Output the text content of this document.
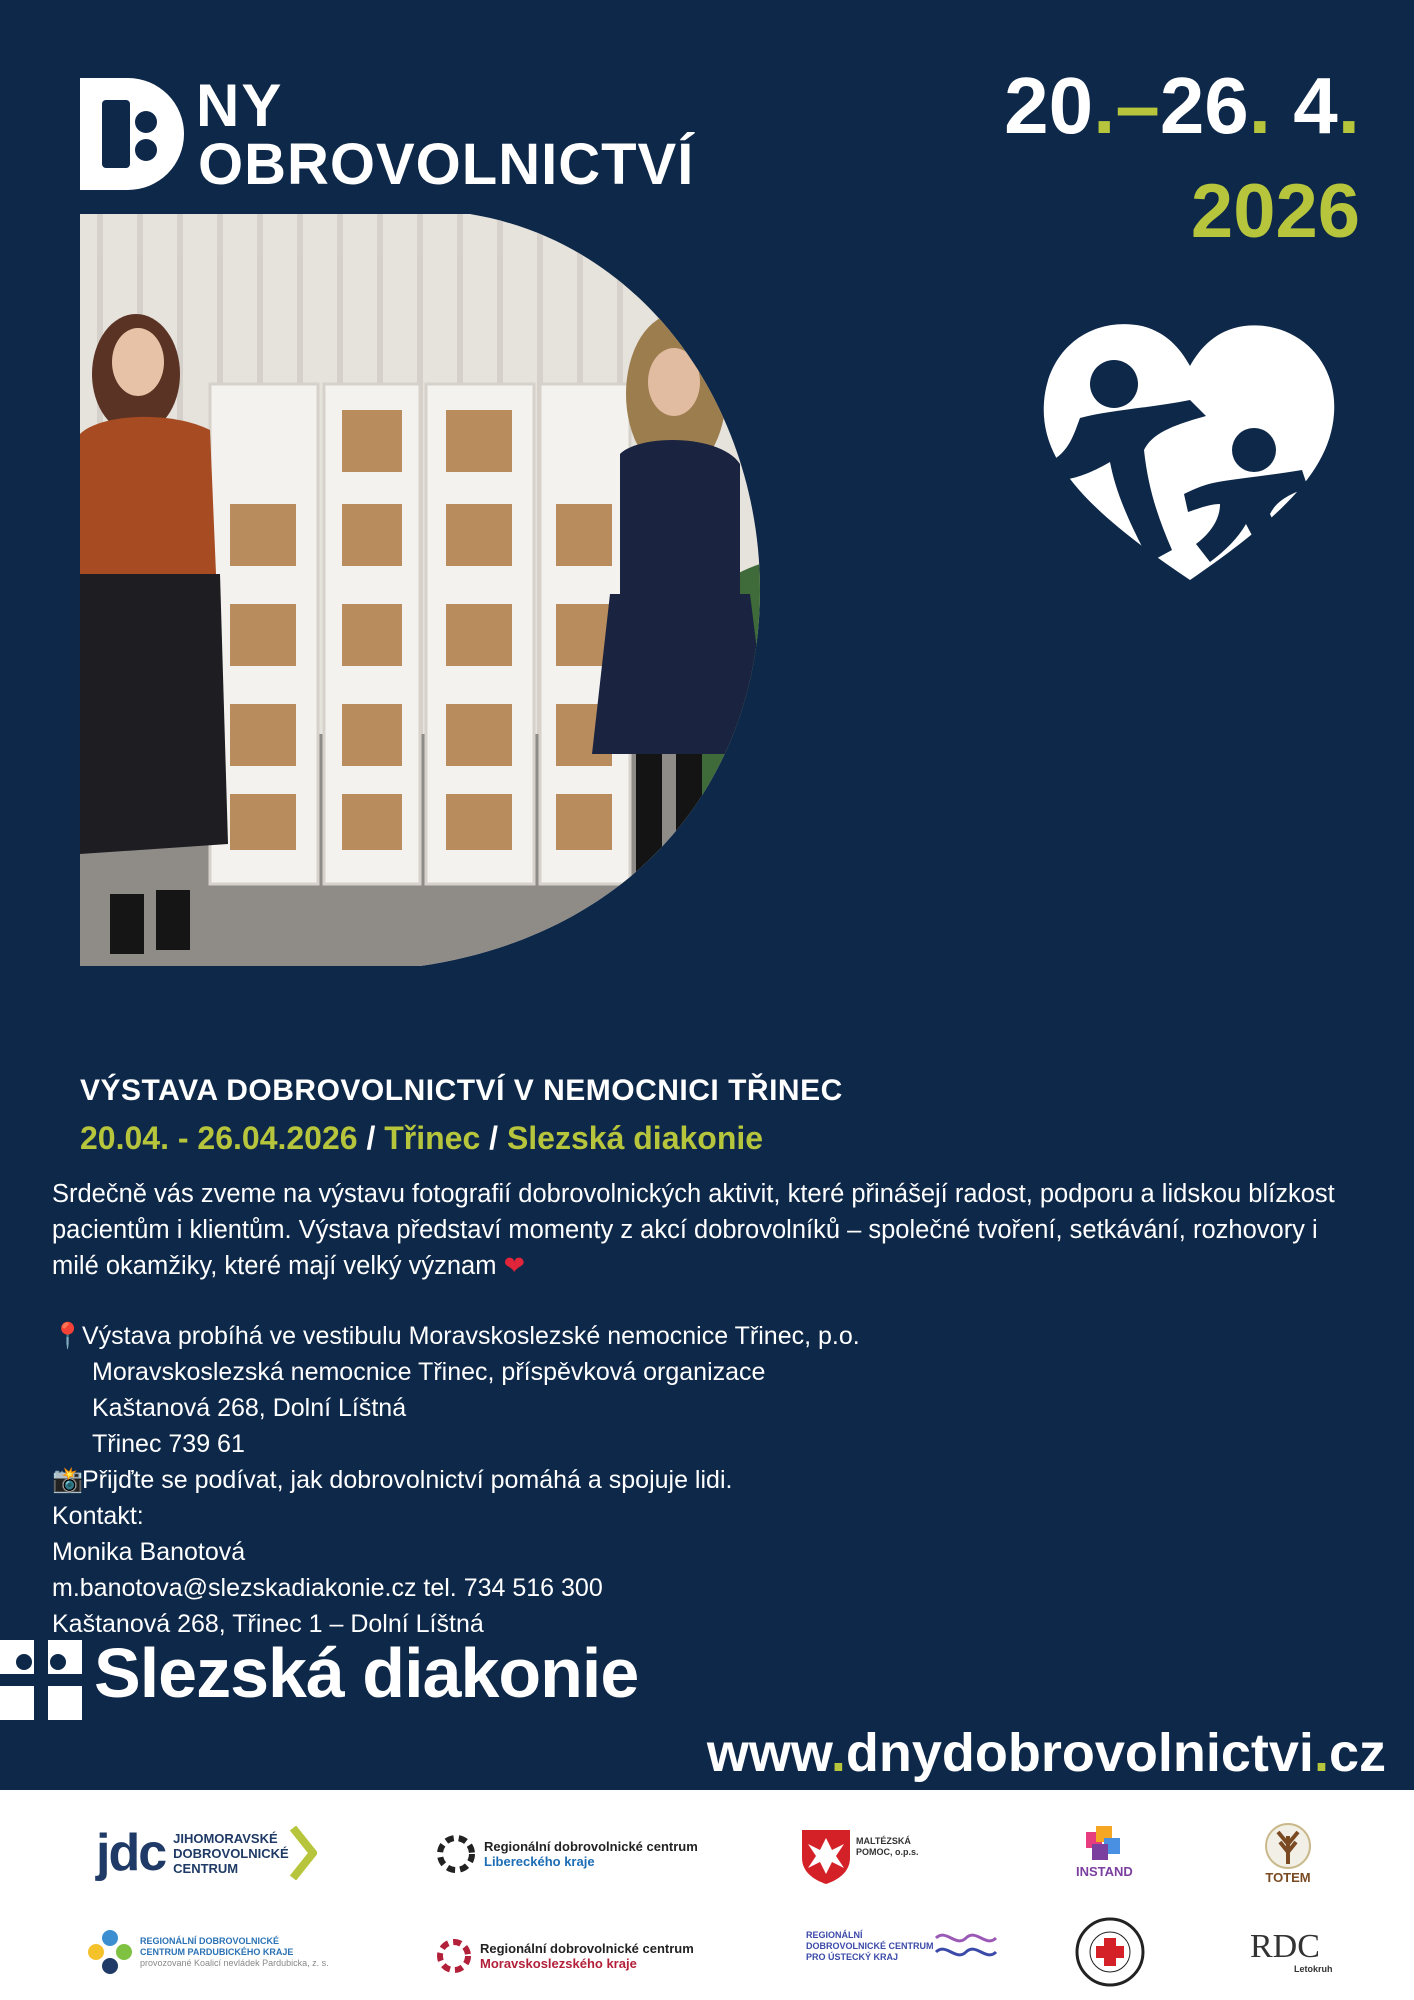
NY
OBROVOLNICTVÍ
20.–26. 4.
2026
VÝSTAVA DOBROVOLNICTVÍ V NEMOCNICI TŘINEC
20.04. - 26.04.2026 / Třinec / Slezská diakonie
Srdečně vás zveme na výstavu fotografií dobrovolnických aktivit, které přinášejí radost, podporu a lidskou blízkost pacientům i klientům. Výstava představí momenty z akcí dobrovolníků – společné tvoření, setkávání, rozhovory i milé okamžiky, které mají velký význam ❤
📍Výstava probíhá ve vestibulu Moravskoslezské nemocnice Třinec, p.o.
Moravskoslezská nemocnice Třinec, příspěvková organizace
Kaštanová 268, Dolní Líštná
Třinec 739 61
📸Přijďte se podívat, jak dobrovolnictví pomáhá a spojuje lidi.
Kontakt:
Monika Banotová
m.banotova@slezskadiakonie.cz tel. 734 516 300
Kaštanová 268, Třinec 1 – Dolní Líštná
Slezská diakonie
www.dnydobrovolnictvi.cz
jdc JIHOMORAVSKÉ
DOBROVOLNICKÉ
CENTRUM
Regionální dobrovolnické centrum
Libereckého kraje
MALTÉZSKÁ
POMOC, o.p.s.
INSTAND	TOTEM
REGIONÁLNÍ DOBROVOLNICKÉ
CENTRUM PARDUBICKÉHO KRAJE
provozované Koalicí nevládek Pardubicka, z. s.
Regionální dobrovolnické centrum
Moravskoslezského kraje
REGIONÁLNÍ
DOBROVOLNICKÉ CENTRUM
PRO ÚSTECKÝ KRAJ	RDC
Letokruh
